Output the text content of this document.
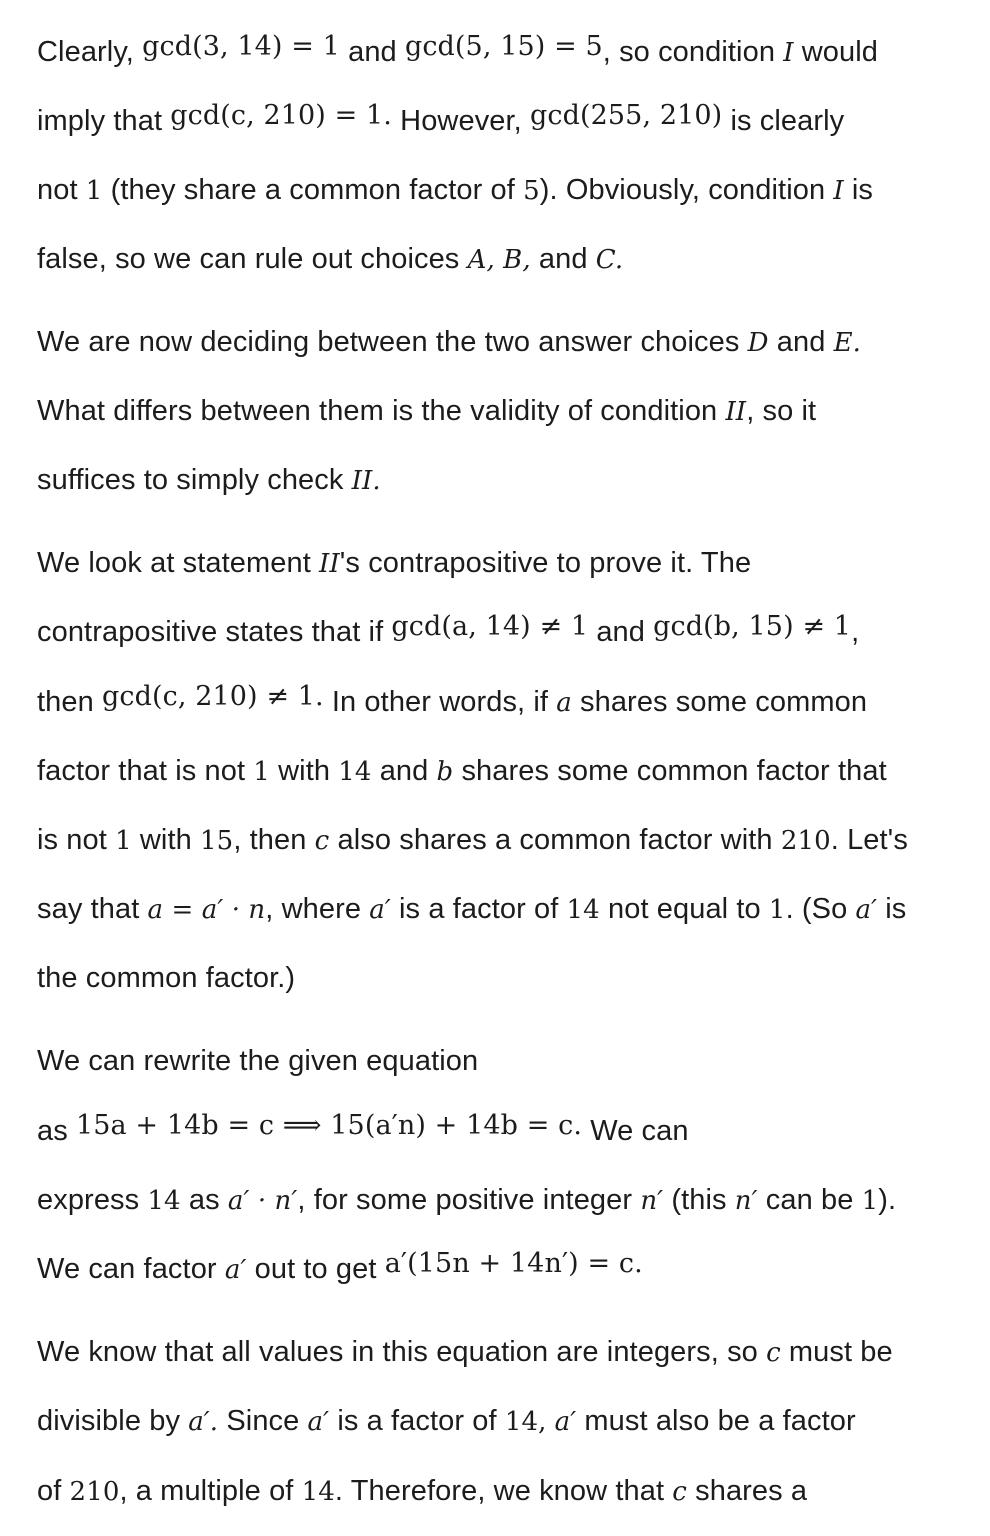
Clearly, gcd(3, 14) = 1 and gcd(5, 15) = 5, so condition I would
imply that gcd(c, 210) = 1. However, gcd(255, 210) is clearly
not 1 (they share a common factor of 5). Obviously, condition I is
false, so we can rule out choices A, B, and C.
We are now deciding between the two answer choices D and E.
What differs between them is the validity of condition II, so it
suffices to simply check II.
We look at statement II's contrapositive to prove it. The
contrapositive states that if gcd(a, 14) ≠ 1 and gcd(b, 15) ≠ 1,
then gcd(c, 210) ≠ 1. In other words, if a shares some common
factor that is not 1 with 14 and b shares some common factor that
is not 1 with 15, then c also shares a common factor with 210. Let's
say that a = a′ · n, where a′ is a factor of 14 not equal to 1. (So a′ is
the common factor.)
We can rewrite the given equation
as 15a + 14b = c ⟹ 15(a′n) + 14b = c. We can
express 14 as a′ · n′, for some positive integer n′ (this n′ can be 1).
We can factor a′ out to get a′(15n + 14n′) = c.
We know that all values in this equation are integers, so c must be
divisible by a′. Since a′ is a factor of 14, a′ must also be a factor
of 210, a multiple of 14. Therefore, we know that c shares a
